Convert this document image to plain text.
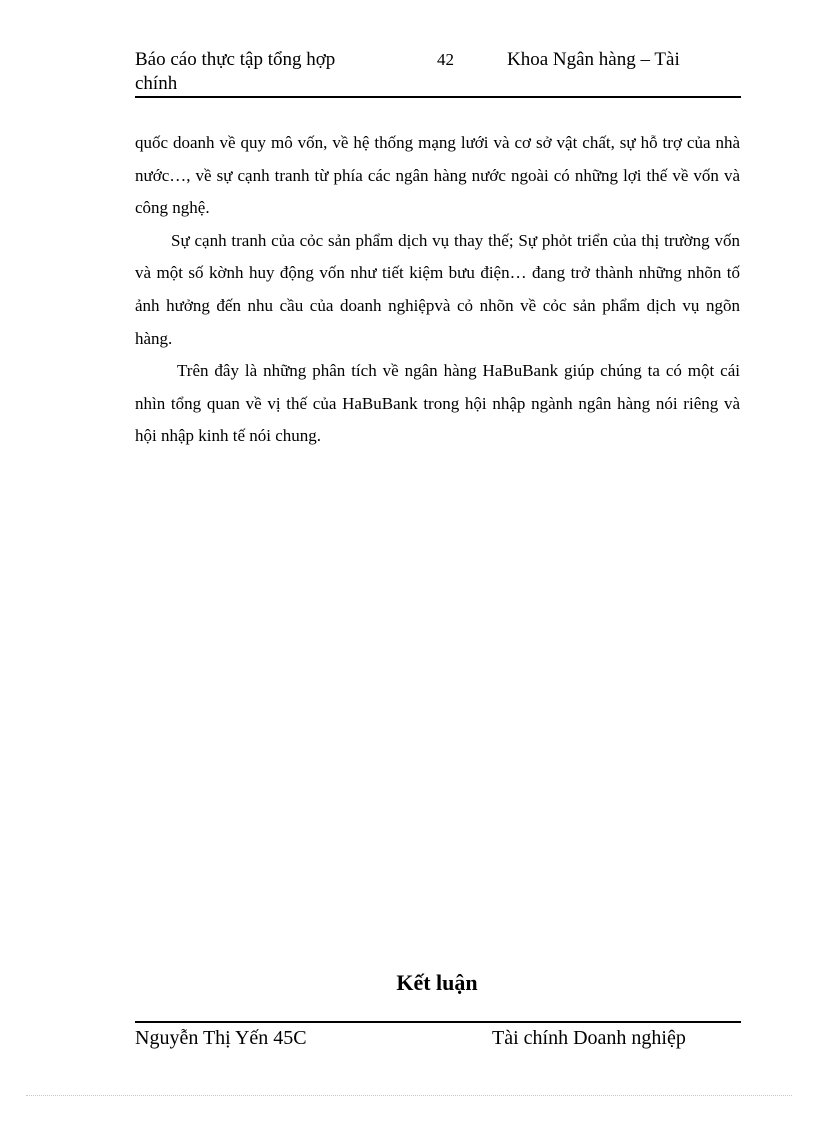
Báo cáo thực tập tổng hợp chính
42	Khoa Ngân hàng – Tài

quốc doanh về quy mô vốn, về hệ thống mạng lưới và cơ sở vật chất, sự hỗ trợ của nhà nước…, về sự cạnh tranh từ phía các ngân hàng nước ngoài có những lợi thế về vốn và công nghệ.

Sự cạnh tranh của cỏc sản phẩm dịch vụ thay thế; Sự phỏt triển của thị trường vốn và một số kờnh huy động vốn như tiết kiệm bưu điện… đang trở thành những nhõn tố ảnh hưởng đến nhu cầu của doanh nghiệpvà cỏ nhõn về cỏc sản phẩm dịch vụ ngõn hàng.

Trên đây là những phân tích về ngân hàng HaBuBank giúp chúng ta có một cái nhìn tổng quan về vị thế của HaBuBank trong hội nhập ngành ngân hàng nói riêng và hội nhập kinh tế nói chung.

Kết luận
Nguyễn Thị Yến 45C	Tài chính Doanh nghiệp
